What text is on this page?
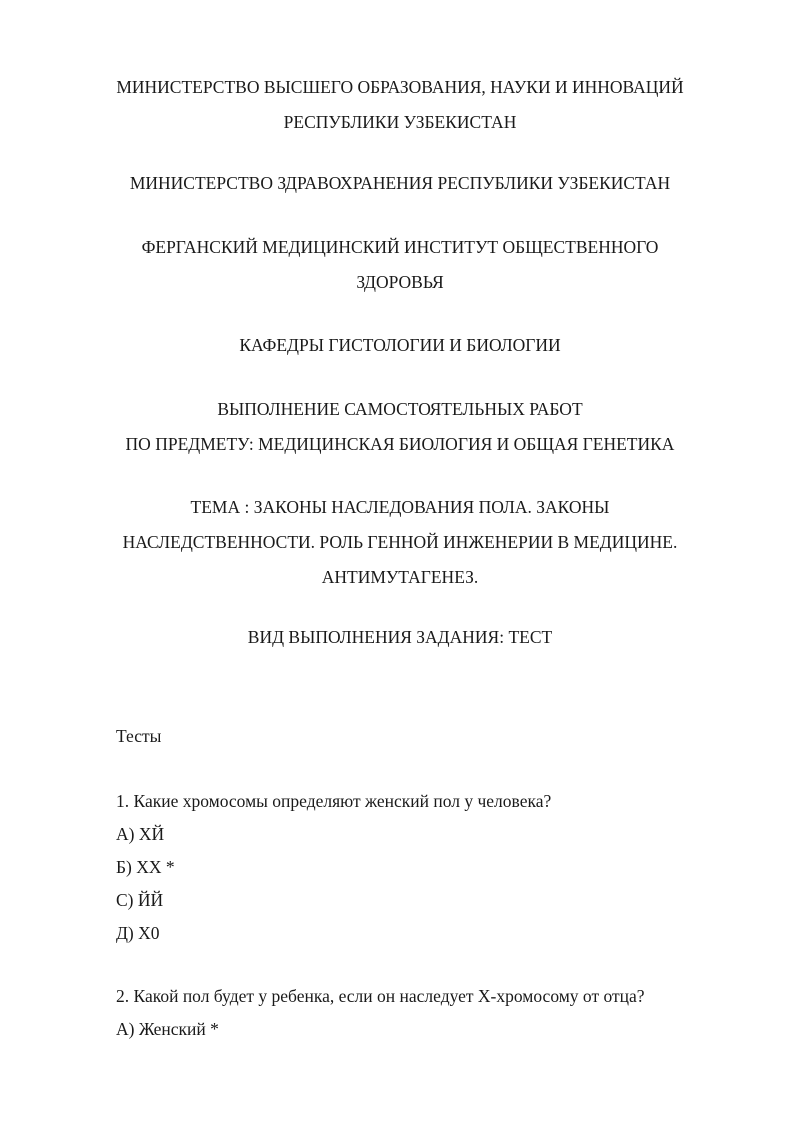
МИНИСТЕРСТВО ВЫСШЕГО ОБРАЗОВАНИЯ, НАУКИ И ИННОВАЦИЙ
РЕСПУБЛИКИ УЗБЕКИСТАН

МИНИСТЕРСТВО ЗДРАВОХРАНЕНИЯ РЕСПУБЛИКИ УЗБЕКИСТАН

ФЕРГАНСКИЙ МЕДИЦИНСКИЙ ИНСТИТУТ ОБЩЕСТВЕННОГО
ЗДОРОВЬЯ

КАФЕДРЫ ГИСТОЛОГИИ И БИОЛОГИИ

ВЫПОЛНЕНИЕ САМОСТОЯТЕЛЬНЫХ РАБОТ
ПО ПРЕДМЕТУ: МЕДИЦИНСКАЯ БИОЛОГИЯ И ОБЩАЯ ГЕНЕТИКА

ТЕМА : ЗАКОНЫ НАСЛЕДОВАНИЯ ПОЛА. ЗАКОНЫ
НАСЛЕДСТВЕННОСТИ. РОЛЬ ГЕННОЙ ИНЖЕНЕРИИ В МЕДИЦИНЕ.
АНТИМУТАГЕНЕЗ.

ВИД ВЫПОЛНЕНИЯ ЗАДАНИЯ: ТЕСТ

Тесты

1. Какие хромосомы определяют женский пол у человека?
А) ХЙ
Б) ХХ *
С) ЙЙ
Д) Х0
2. Какой пол будет у ребенка, если он наследует Х-хромосому от отца?
А) Женский *
